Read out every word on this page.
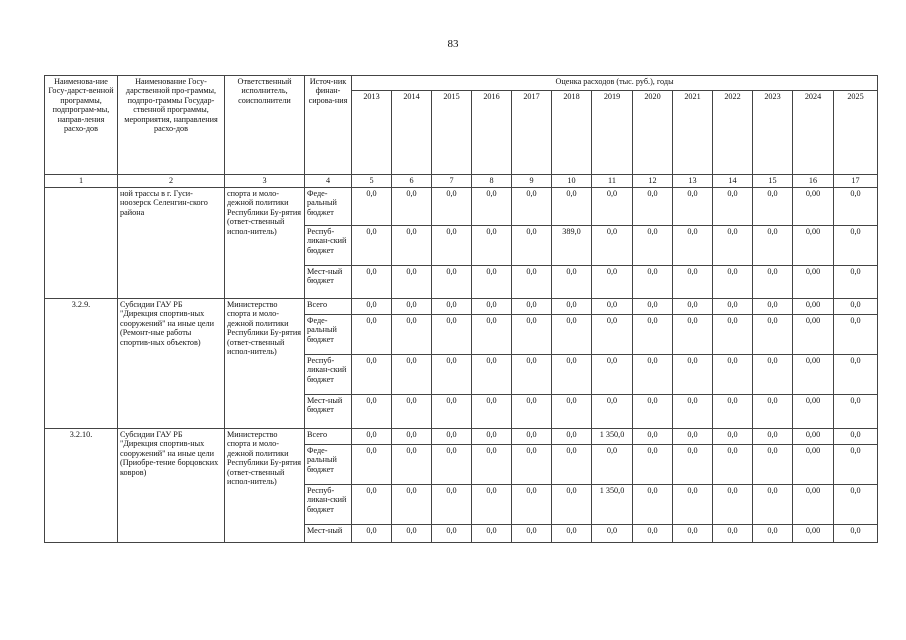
83
Наименова-ние Госу-дарст-венной программы, подпрограм-мы, направ-ления расхо-дов	Наименование Госу-дарственной про-граммы, подпро-граммы Государ-ственной программы, мероприятия, направления расхо-дов	Ответственный исполнитель, соисполнители	Источ-ник финан-сирова-ния	Оценка расходов (тыс. руб.), годы												
				2013	2014	2015	2016	2017	2018	2019	2020	2021	2022	2023	2024	2025
1	2	3	4	5	6	7	8	9	10	11	12	13	14	15	16	17
	ной трассы в г. Гуси-ноозерск Селенгин-ского района	спорта и моло-дежной политики Республики Бу-рятия (ответ-ственный испол-нитель)	Феде-ральный бюджет	0,0	0,0	0,0	0,0	0,0	0,0	0,0	0,0	0,0	0,0	0,0	0,00	0,0
			Респуб-ликан-ский бюджет	0,0	0,0	0,0	0,0	0,0	389,0	0,0	0,0	0,0	0,0	0,0	0,00	0,0
			Мест-ный бюджет	0,0	0,0	0,0	0,0	0,0	0,0	0,0	0,0	0,0	0,0	0,0	0,00	0,0
3.2.9.	Субсидии ГАУ РБ "Дирекция спортив-ных сооружений" на иные цели (Ремонт-ные работы спортив-ных объектов)	Министерство спорта и моло-дежной политики Республики Бу-рятия (ответ-ственный испол-нитель)	Всего	0,0	0,0	0,0	0,0	0,0	0,0	0,0	0,0	0,0	0,0	0,0	0,00	0,0
			Феде-ральный бюджет	0,0	0,0	0,0	0,0	0,0	0,0	0,0	0,0	0,0	0,0	0,0	0,00	0,0
			Респуб-ликан-ский бюджет	0,0	0,0	0,0	0,0	0,0	0,0	0,0	0,0	0,0	0,0	0,0	0,00	0,0
			Мест-ный бюджет	0,0	0,0	0,0	0,0	0,0	0,0	0,0	0,0	0,0	0,0	0,0	0,00	0,0
3.2.10.	Субсидии ГАУ РБ "Дирекция спортив-ных сооружений" на иные цели (Приобре-тение борцовских ковров)	Министерство спорта и моло-дежной политики Республики Бу-рятия (ответ-ственный испол-нитель)	Всего	0,0	0,0	0,0	0,0	0,0	0,0	1 350,0	0,0	0,0	0,0	0,0	0,00	0,0
			Феде-ральный бюджет	0,0	0,0	0,0	0,0	0,0	0,0	0,0	0,0	0,0	0,0	0,0	0,00	0,0
			Респуб-ликан-ский бюджет	0,0	0,0	0,0	0,0	0,0	0,0	1 350,0	0,0	0,0	0,0	0,0	0,00	0,0
			Мест-ный	0,0	0,0	0,0	0,0	0,0	0,0	0,0	0,0	0,0	0,0	0,0	0,00	0,0
